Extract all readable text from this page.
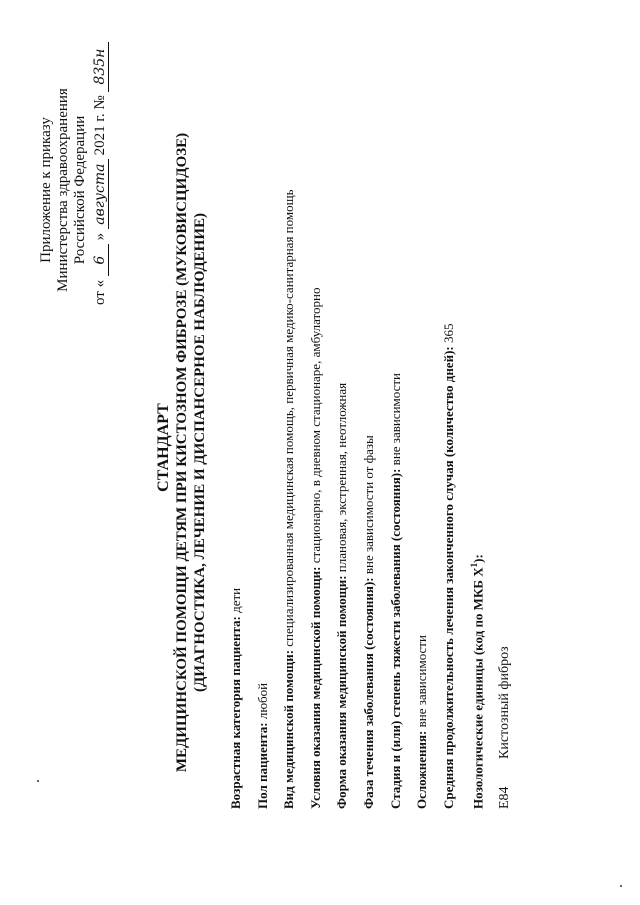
Приложение к приказу Министерства здравоохранения Российской Федерации
от « 6 » августа 2021 г. № 835н
СТАНДАРТ МЕДИЦИНСКОЙ ПОМОЩИ ДЕТЯМ ПРИ КИСТОЗНОМ ФИБРОЗЕ (МУКОВИСЦИДОЗЕ) (ДИАГНОСТИКА, ЛЕЧЕНИЕ И ДИСПАНСЕРНОЕ НАБЛЮДЕНИЕ)
Возрастная категория пациента: дети
Пол пациента: любой Вид медицинской помощи: специализированная медицинская помощь, первичная медико-санитарная помощь
Условия оказания медицинской помощи: стационарно, в дневном стационаре, амбулаторно
Форма оказания медицинской помощи: плановая, экстренная, неотложная
Фаза течения заболевания (состояния): вне зависимости от фазы Стадия и (или) степень тяжести заболевания (состояния): вне зависимости
Осложнения: вне зависимости Средняя продолжительность лечения законченного случая (количество дней): 365
Нозологические единицы (код по МКБ $X^1$):
E84
Кистозный фиброз
